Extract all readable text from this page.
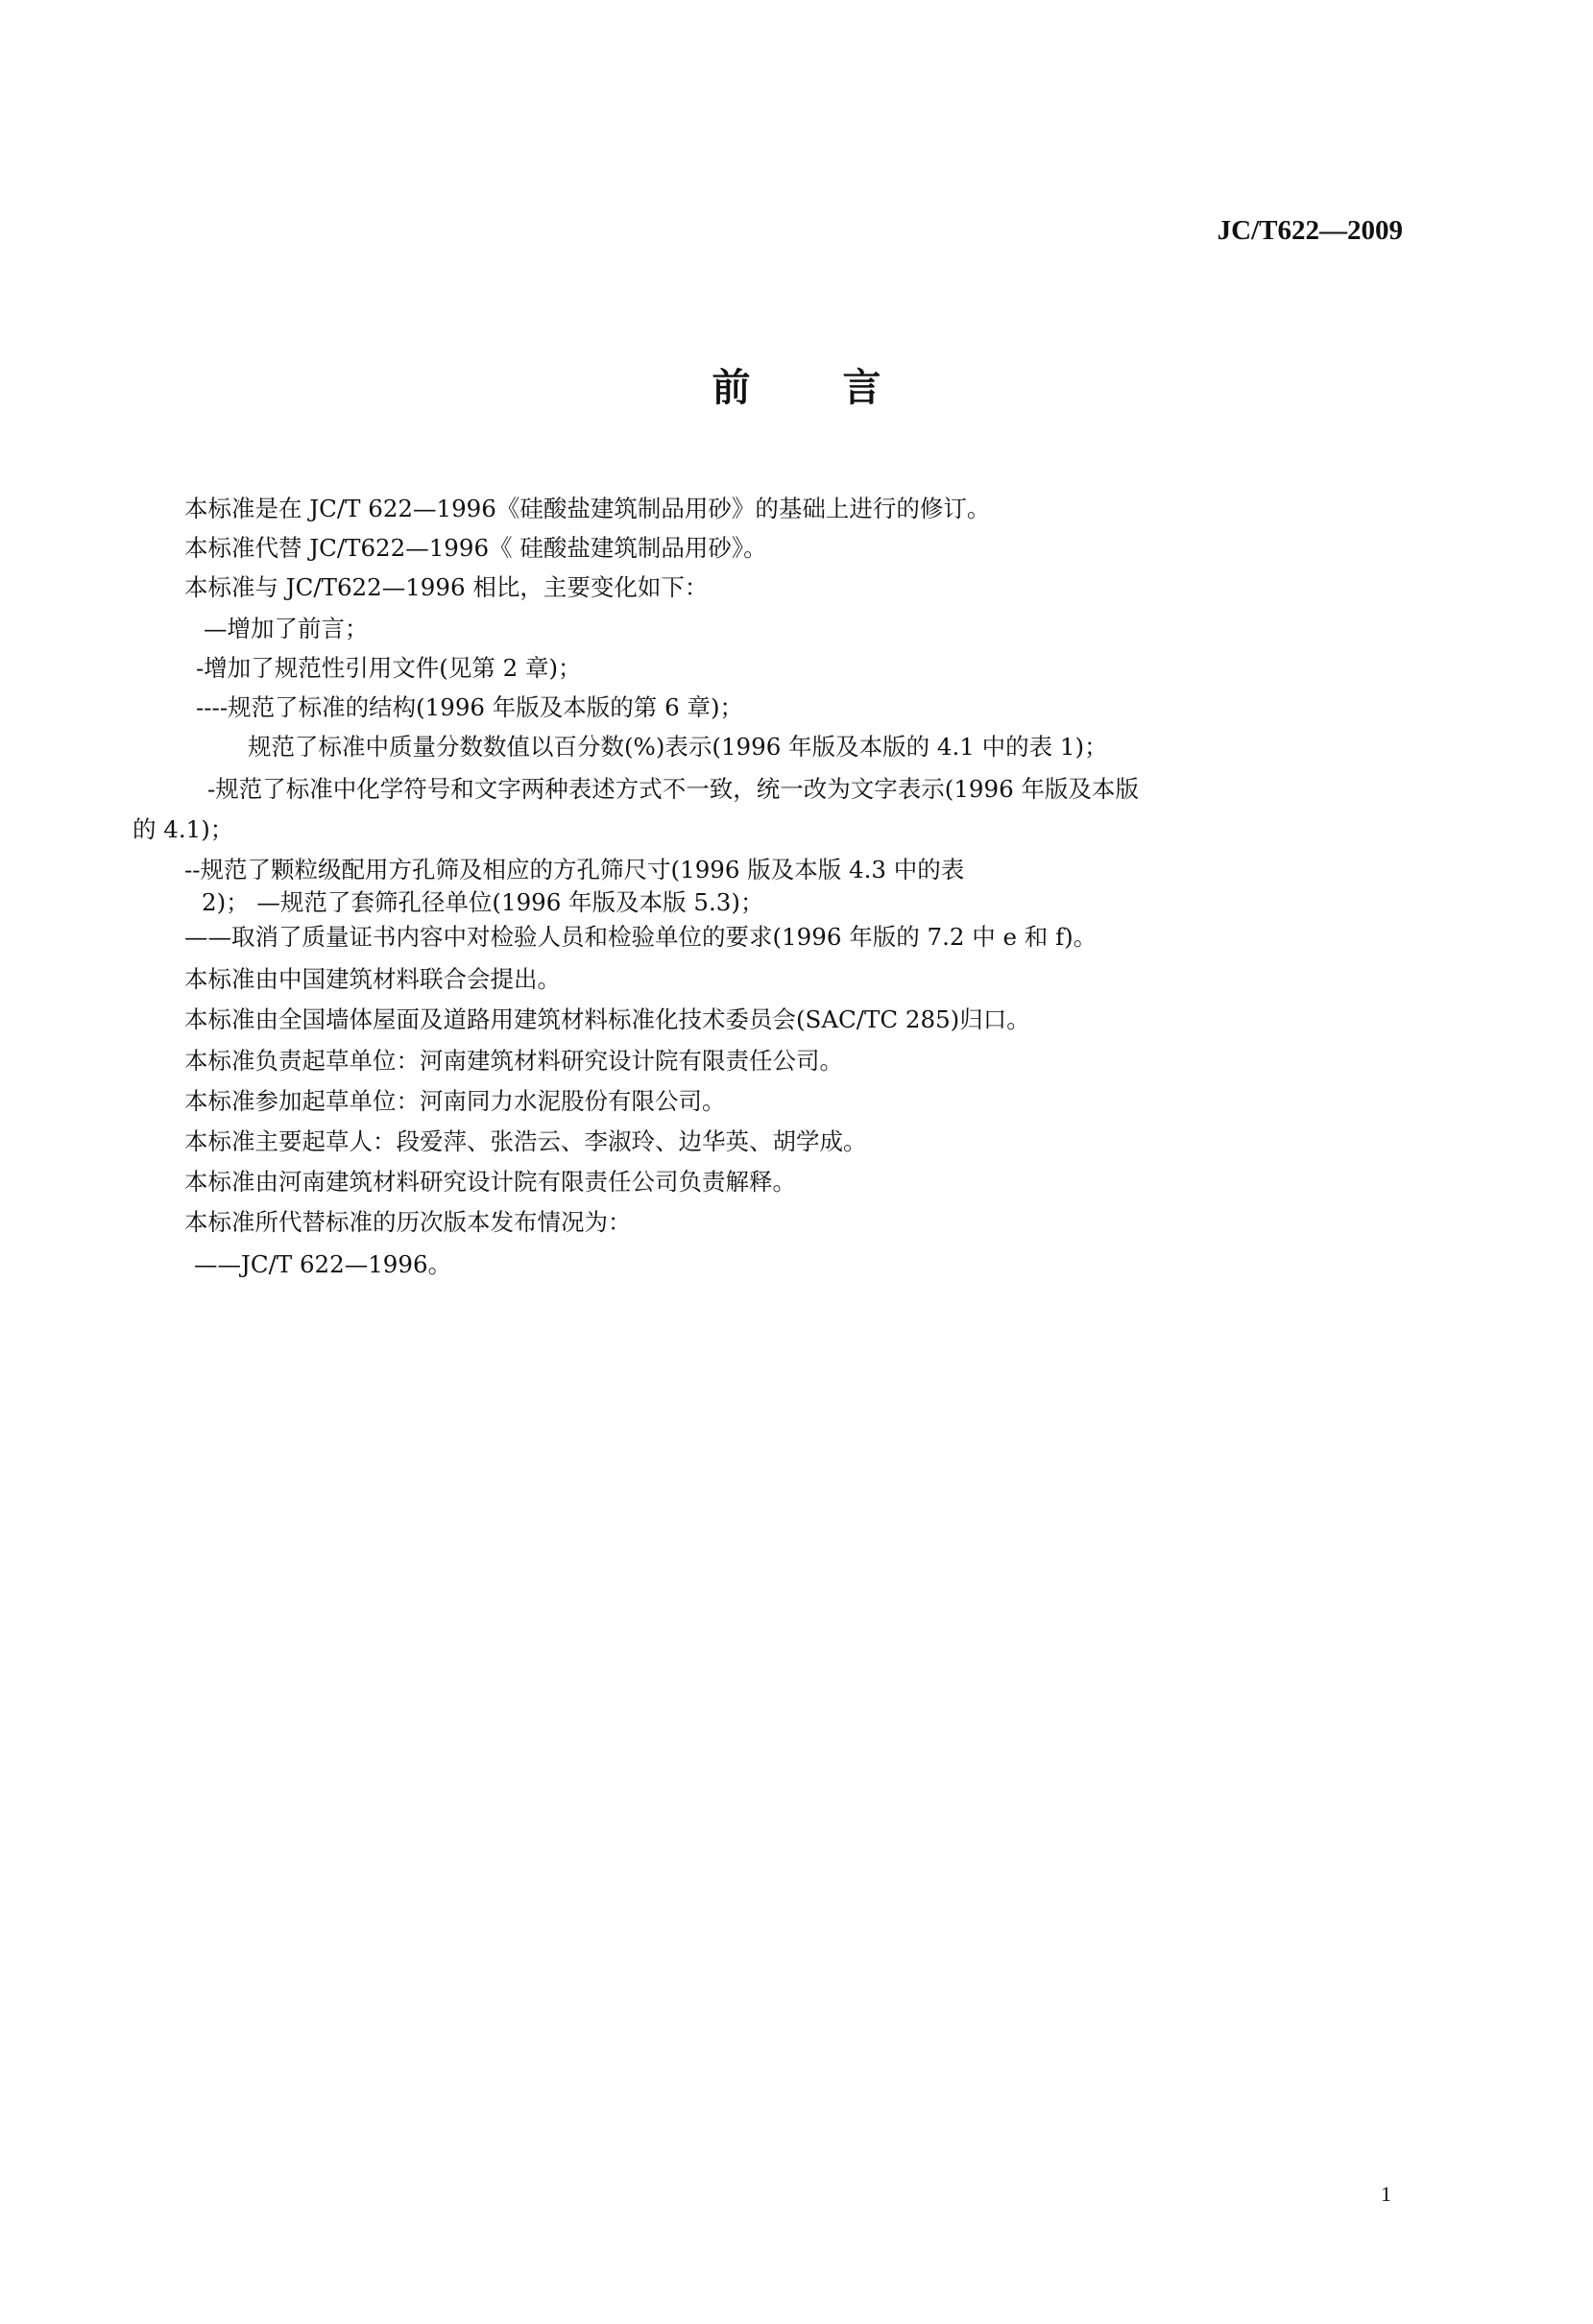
JC/T622—2009
前言
本标准是在 JC/T 622—1996《硅酸盐建筑制品用砂》的基础上进行的修订。
本标准代替 JC/T622—1996《 硅酸盐建筑制品用砂》。
本标准与 JC/T622—1996 相比，主要变化如下：
—增加了前言；
-增加了规范性引用文件(见第 2 章)；
----规范了标准的结构(1996 年版及本版的第 6 章)；
规范了标准中质量分数数值以百分数(%)表示(1996 年版及本版的 4.1 中的表 1)；
-规范了标准中化学符号和文字两种表述方式不一致，统一改为文字表示(1996 年版及本版
的 4.1)；
--规范了颗粒级配用方孔筛及相应的方孔筛尺寸(1996 版及本版 4.3 中的表
2)； —规范了套筛孔径单位(1996 年版及本版 5.3)；
——取消了质量证书内容中对检验人员和检验单位的要求(1996 年版的 7.2 中 e 和 f)。
本标准由中国建筑材料联合会提出。
本标准由全国墙体屋面及道路用建筑材料标准化技术委员会(SAC/TC 285)归口。
本标准负责起草单位：河南建筑材料研究设计院有限责任公司。
本标准参加起草单位：河南同力水泥股份有限公司。
本标准主要起草人：段爱萍、张浩云、李淑玲、边华英、胡学成。
本标准由河南建筑材料研究设计院有限责任公司负责解释。
本标准所代替标准的历次版本发布情况为：
——JC/T 622—1996。
1
